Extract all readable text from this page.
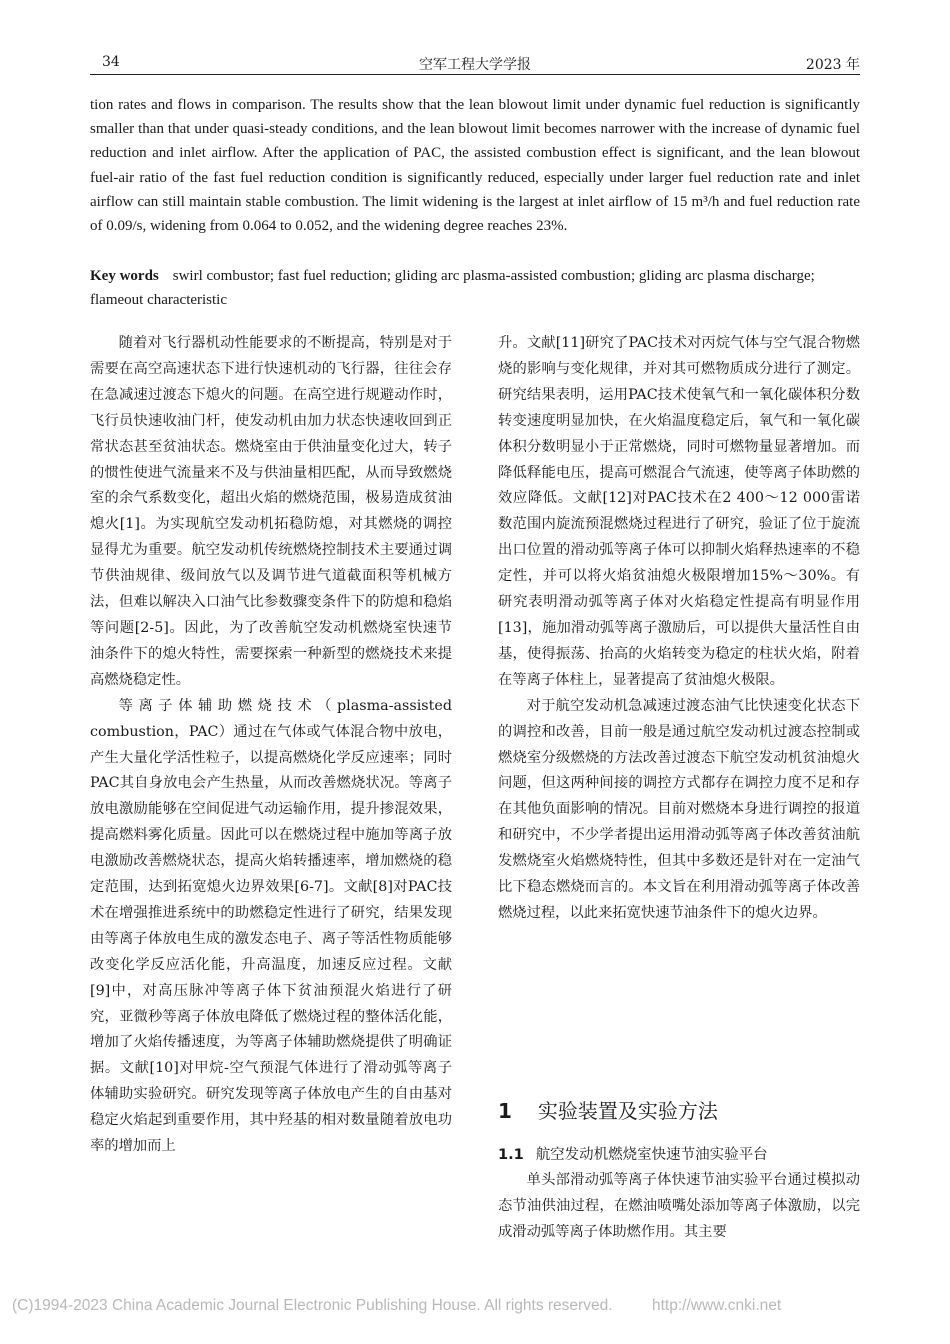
34	空军工程大学学报	2023 年

tion rates and flows in comparison. The results show that the lean blowout limit under dynamic fuel reduction is significantly smaller than that under quasi-steady conditions, and the lean blowout limit becomes narrower with the increase of dynamic fuel reduction and inlet airflow. After the application of PAC, the assisted combustion effect is significant, and the lean blowout fuel-air ratio of the fast fuel reduction condition is significantly reduced, especially under larger fuel reduction rate and inlet airflow can still maintain stable combustion. The limit widening is the largest at inlet airflow of 15 m³/h and fuel reduction rate of 0.09/s, widening from 0.064 to 0.052, and the widening degree reaches 23%.

Key words swirl combustor; fast fuel reduction; gliding arc plasma-assisted combustion; gliding arc plasma discharge; flameout characteristic

随着对飞行器机动性能要求的不断提高，特别是对于需要在高空高速状态下进行快速机动的飞行器，往往会存在急减速过渡态下熄火的问题。在高空进行规避动作时，飞行员快速收油门杆，使发动机由加力状态快速收回到正常状态甚至贫油状态。燃烧室由于供油量变化过大，转子的惯性使进气流量来不及与供油量相匹配，从而导致燃烧室的余气系数变化，超出火焰的燃烧范围，极易造成贫油熄火[1]。为实现航空发动机拓稳防熄，对其燃烧的调控显得尤为重要。航空发动机传统燃烧控制技术主要通过调节供油规律、级间放气以及调节进气道截面积等机械方法，但难以解决入口油气比参数骤变条件下的防熄和稳焰等问题[2-5]。因此，为了改善航空发动机燃烧室快速节油条件下的熄火特性，需要探索一种新型的燃烧技术来提高燃烧稳定性。

等离子体辅助燃烧技术（plasma-assisted combustion，PAC）通过在气体或气体混合物中放电，产生大量化学活性粒子，以提高燃烧化学反应速率；同时PAC其自身放电会产生热量，从而改善燃烧状况。等离子放电激励能够在空间促进气动运输作用，提升掺混效果，提高燃料雾化质量。因此可以在燃烧过程中施加等离子放电激励改善燃烧状态，提高火焰转播速率，增加燃烧的稳定范围，达到拓宽熄火边界效果[6-7]。文献[8]对PAC技术在增强推进系统中的助燃稳定性进行了研究，结果发现由等离子体放电生成的激发态电子、离子等活性物质能够改变化学反应活化能，升高温度，加速反应过程。文献[9]中，对高压脉冲等离子体下贫油预混火焰进行了研究，亚微秒等离子体放电降低了燃烧过程的整体活化能，增加了火焰传播速度，为等离子体辅助燃烧提供了明确证据。文献[10]对甲烷-空气预混气体进行了滑动弧等离子体辅助实验研究。研究发现等离子体放电产生的自由基对稳定火焰起到重要作用，其中羟基的相对数量随着放电功率的增加而上

升。文献[11]研究了PAC技术对丙烷气体与空气混合物燃烧的影响与变化规律，并对其可燃物质成分进行了测定。研究结果表明，运用PAC技术使氧气和一氧化碳体积分数转变速度明显加快，在火焰温度稳定后，氧气和一氧化碳体积分数明显小于正常燃烧，同时可燃物量显著增加。而降低释能电压，提高可燃混合气流速，使等离子体助燃的效应降低。文献[12]对PAC技术在2 400～12 000雷诺数范围内旋流预混燃烧过程进行了研究，验证了位于旋流出口位置的滑动弧等离子体可以抑制火焰释热速率的不稳定性，并可以将火焰贫油熄火极限增加15%～30%。有研究表明滑动弧等离子体对火焰稳定性提高有明显作用[13]，施加滑动弧等离子激励后，可以提供大量活性自由基，使得振荡、抬高的火焰转变为稳定的柱状火焰，附着在等离子体柱上，显著提高了贫油熄火极限。

对于航空发动机急减速过渡态油气比快速变化状态下的调控和改善，目前一般是通过航空发动机过渡态控制或燃烧室分级燃烧的方法改善过渡态下航空发动机贫油熄火问题，但这两种间接的调控方式都存在调控力度不足和存在其他负面影响的情况。目前对燃烧本身进行调控的报道和研究中，不少学者提出运用滑动弧等离子体改善贫油航发燃烧室火焰燃烧特性，但其中多数还是针对在一定油气比下稳态燃烧而言的。本文旨在利用滑动弧等离子体改善燃烧过程，以此来拓宽快速节油条件下的熄火边界。

1 实验装置及实验方法
1.1 航空发动机燃烧室快速节油实验平台

单头部滑动弧等离子体快速节油实验平台通过模拟动态节油供油过程，在燃油喷嘴处添加等离子体激励，以完成滑动弧等离子体助燃作用。其主要

(C)1994-2023 China Academic Journal Electronic Publishing House. All rights reserved.	http://www.cnki.net
